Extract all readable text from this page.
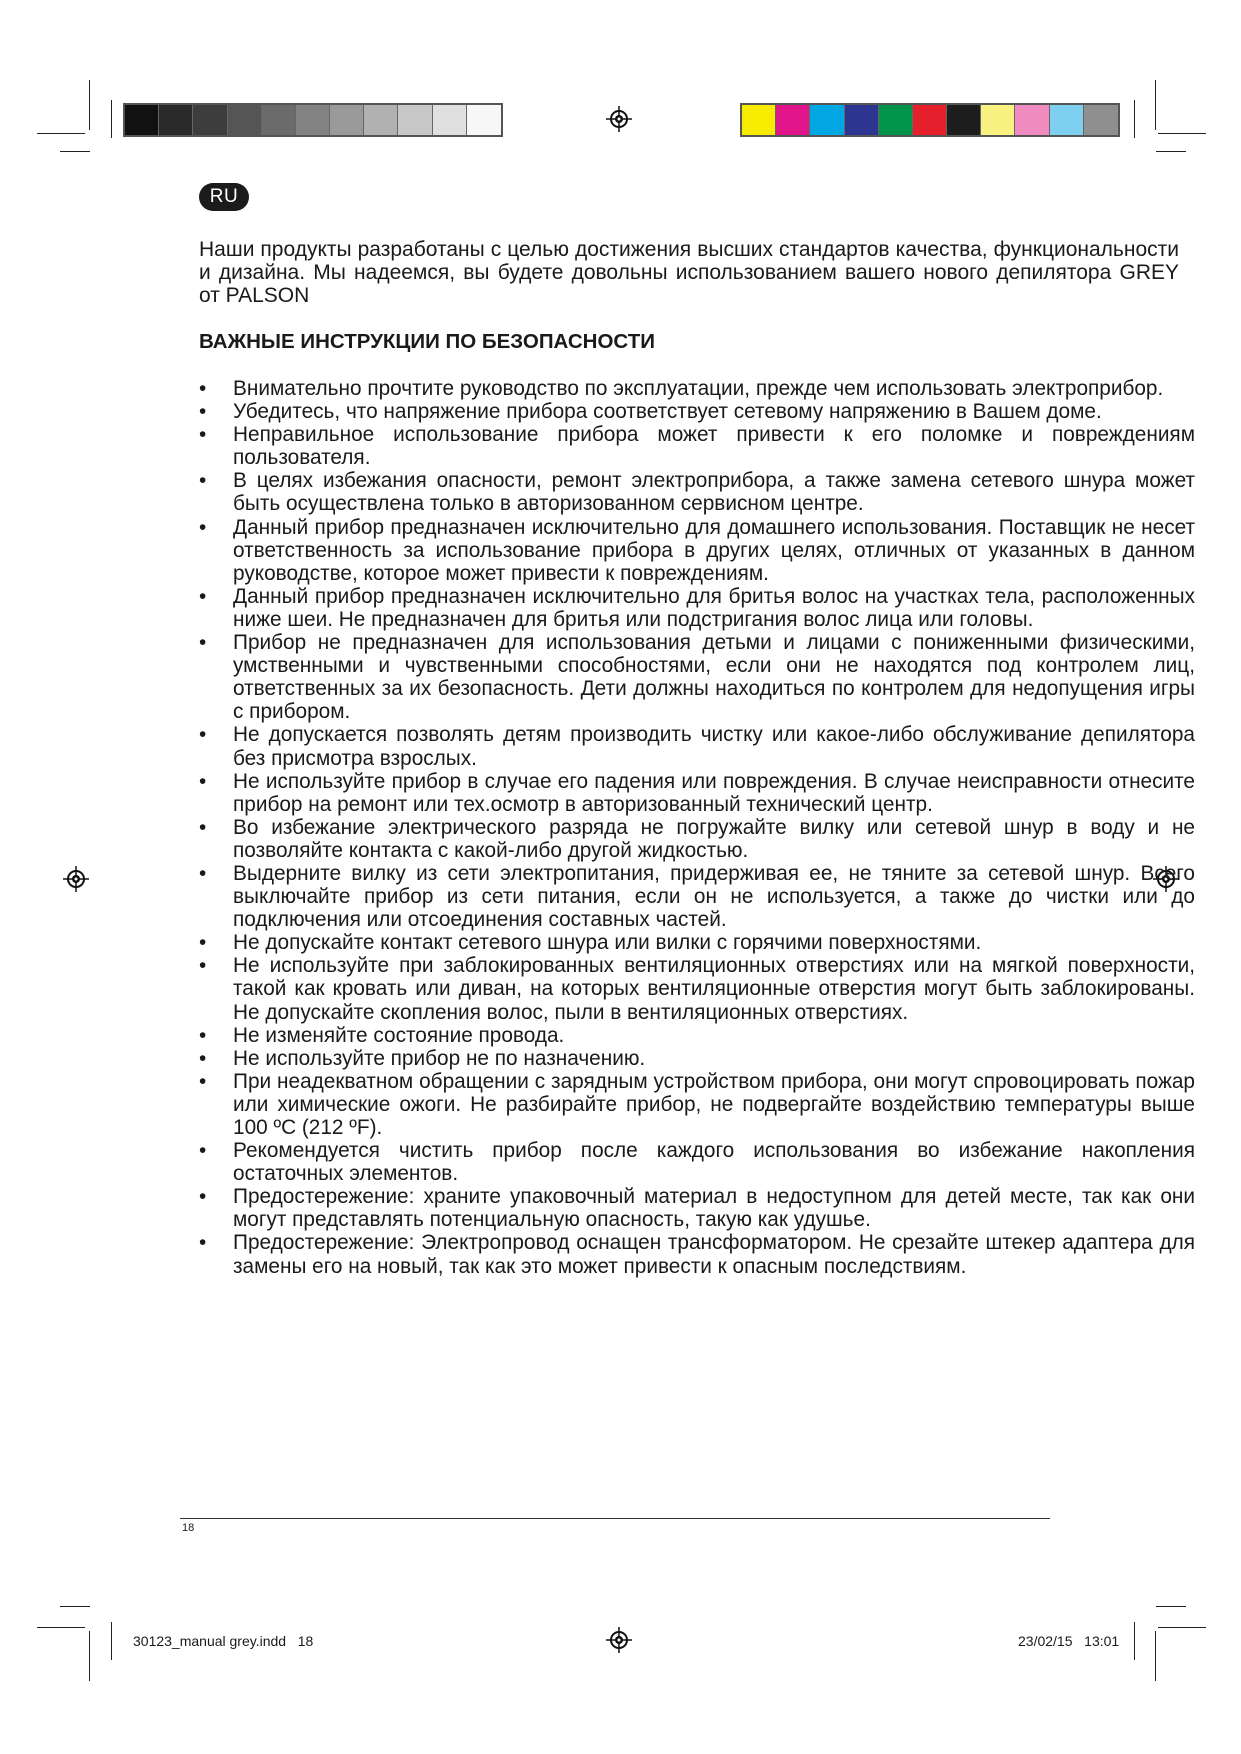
RU
Наши продукты разработаны с целью достижения высших стандартов качества, функциональности и дизайна. Мы надеемся, вы будете довольны использованием вашего нового депилятора GREY от PALSON
ВАЖНЫЕ ИНСТРУКЦИИ ПО БЕЗОПАСНОСТИ
•	Внимательно прочтите руководство по эксплуатации, прежде чем использовать электроприбор.
•	Убедитесь, что напряжение прибора соответствует сетевому напряжению в Вашем доме.
•	Неправильное использование прибора может привести к его поломке и повреждениям пользователя.
•	В целях избежания опасности, ремонт электроприбора, а также замена сетевого шнура может быть осуществлена только в авторизованном сервисном центре.
•	Данный прибор предназначен исключительно для домашнего использования. Поставщик не несет ответственность за использование прибора в других целях, отличных от указанных в данном руководстве, которое может привести к повреждениям.
•	Данный прибор предназначен исключительно для бритья волос на участках тела, расположенных ниже шеи. Не предназначен для бритья или подстригания волос лица или головы.
•	Прибор не предназначен для использования детьми и лицами с пониженными физическими, умственными и чувственными способностями, если они не находятся под контролем лиц, ответственных за их безопасность. Дети должны находиться по контролем для недопущения игры с прибором.
•	Не допускается позволять детям производить чистку или какое-либо обслуживание депилятора без присмотра взрослых.
•	Не используйте прибор в случае его падения или повреждения. В случае неисправности отнесите прибор на ремонт или тех.осмотр в авторизованный технический центр.
•	Во избежание электрического разряда не погружайте вилку или сетевой шнур в воду и не позволяйте контакта с какой-либо другой жидкостью.
•	Выдерните вилку из сети электропитания, придерживая ее, не тяните за сетевой шнур. Всего выключайте прибор из сети питания, если он не используется, а также до чистки или до подключения или отсоединения составных частей.
•	Не допускайте контакт сетевого шнура или вилки с горячими поверхностями.
•	Не используйте при заблокированных вентиляционных отверстиях или на мягкой поверхности, такой как кровать или диван, на которых вентиляционные отверстия могут быть заблокированы. Не допускайте скопления волос, пыли в вентиляционных отверстиях.
•	Не изменяйте состояние провода.
•	Не используйте прибор не по назначению.
•	При неадекватном обращении с зарядным устройством прибора, они могут спровоцировать пожар или химические ожоги. Не разбирайте прибор, не подвергайте воздействию температуры выше 100 ºC (212 ºF).
•	Рекомендуется чистить прибор после каждого использования во избежание накопления остаточных элементов.
•	Предостережение: храните упаковочный материал в недоступном для детей месте, так как они могут представлять потенциальную опасность, такую как удушье.
•	Предостережение: Электропровод оснащен трансформатором. Не срезайте штекер адаптера для замены его на новый, так как это может привести к опасным последствиям.
18
30123_manual grey.indd   18	23/02/15   13:01
